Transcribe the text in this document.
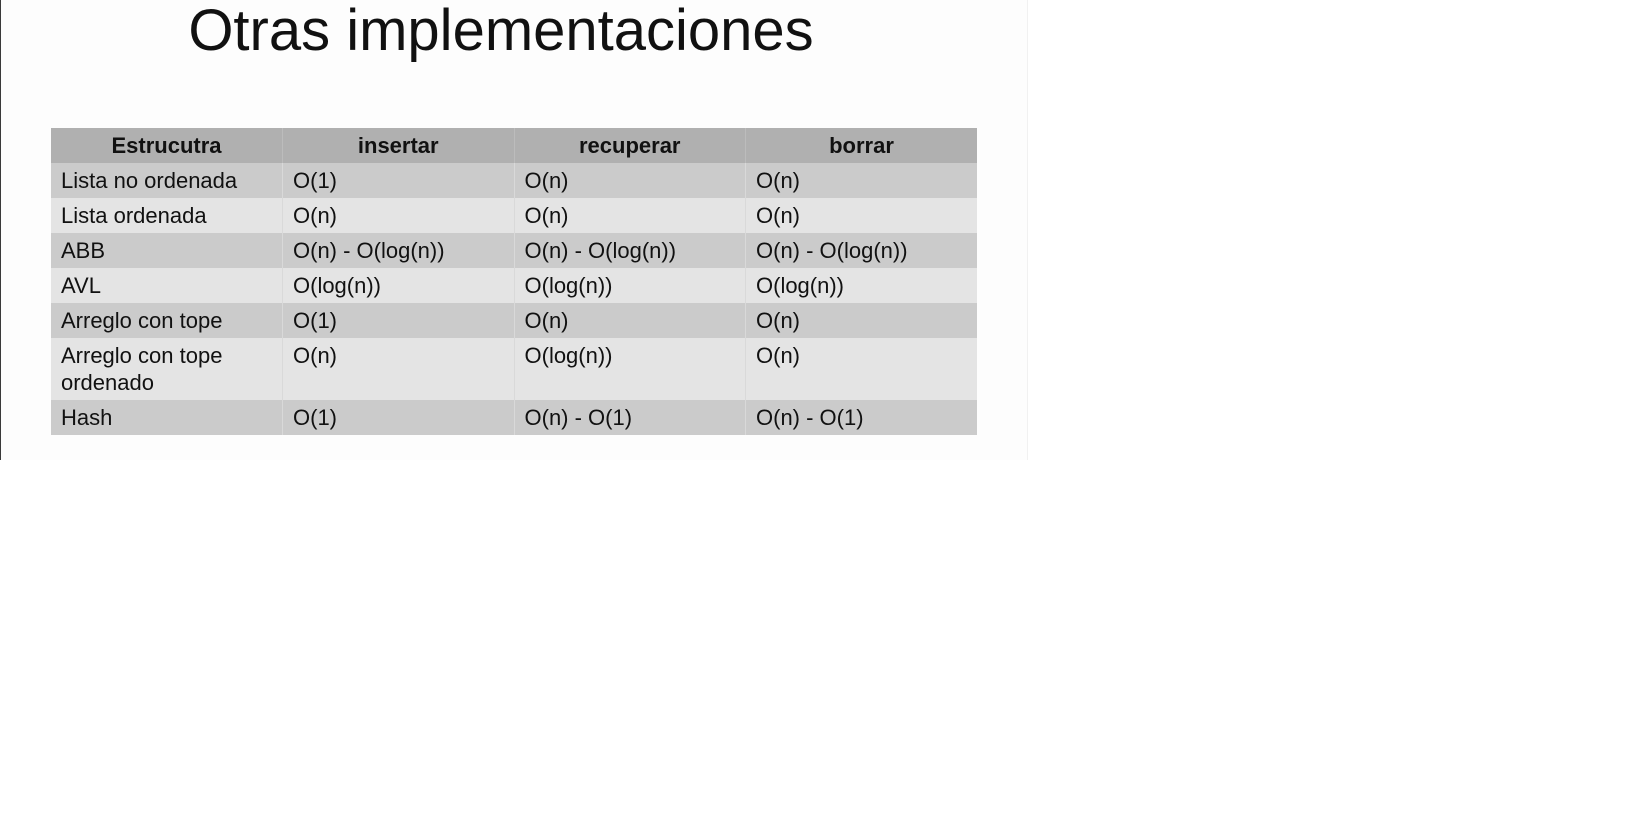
Otras implementaciones
Estrucutra	insertar	recuperar	borrar
Lista no ordenada	O(1)	O(n)	O(n)
Lista ordenada	O(n)	O(n)	O(n)
ABB	O(n) - O(log(n))	O(n) - O(log(n))	O(n) - O(log(n))
AVL	O(log(n))	O(log(n))	O(log(n))
Arreglo con tope	O(1)	O(n)	O(n)
Arreglo con tope ordenado	O(n)	O(log(n))	O(n)
Hash	O(1)	O(n) - O(1)	O(n) - O(1)
